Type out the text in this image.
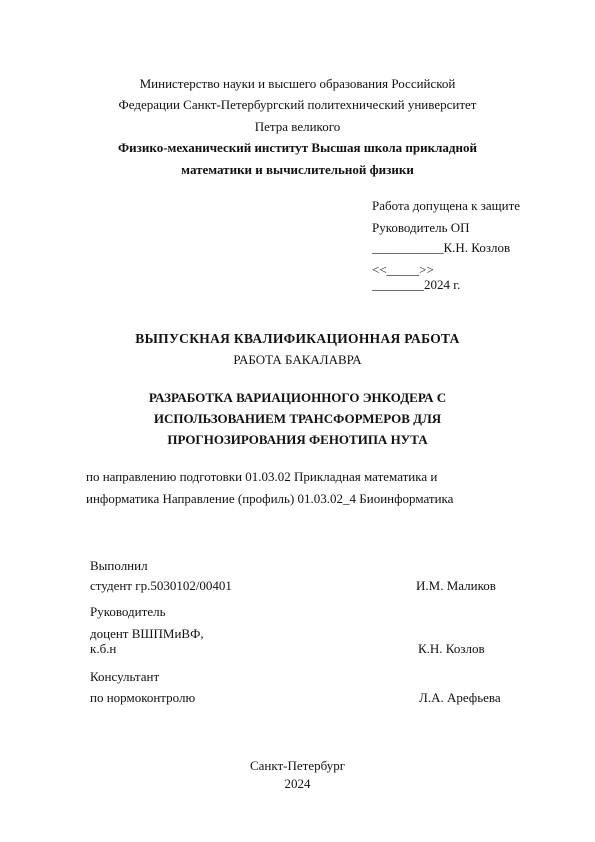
Министерство науки и высшего образования Российской
Федерации Санкт-Петербургский политехнический университет
Петра великого
Физико-механический институт Высшая школа прикладной
математики и вычислительной физики
Работа допущена к защите
Руководитель ОП
___________К.Н. Козлов
<<_____>>
________2024 г.
ВЫПУСКНАЯ КВАЛИФИКАЦИОННАЯ РАБОТА
РАБОТА БАКАЛАВРА
РАЗРАБОТКА ВАРИАЦИОННОГО ЭНКОДЕРА С
ИСПОЛЬЗОВАНИЕМ ТРАНСФОРМЕРОВ ДЛЯ
ПРОГНОЗИРОВАНИЯ ФЕНОТИПА НУТА
по направлению подготовки 01.03.02 Прикладная математика и
информатика Направление (профиль) 01.03.02_4 Биоинформатика
Выполнил
студент гр.5030102/00401	И.М. Маликов
Руководитель
доцент ВШПМиВФ,
к.б.н	К.Н. Козлов
Консультант
по нормоконтролю	Л.А. Арефьева
Санкт-Петербург
2024
